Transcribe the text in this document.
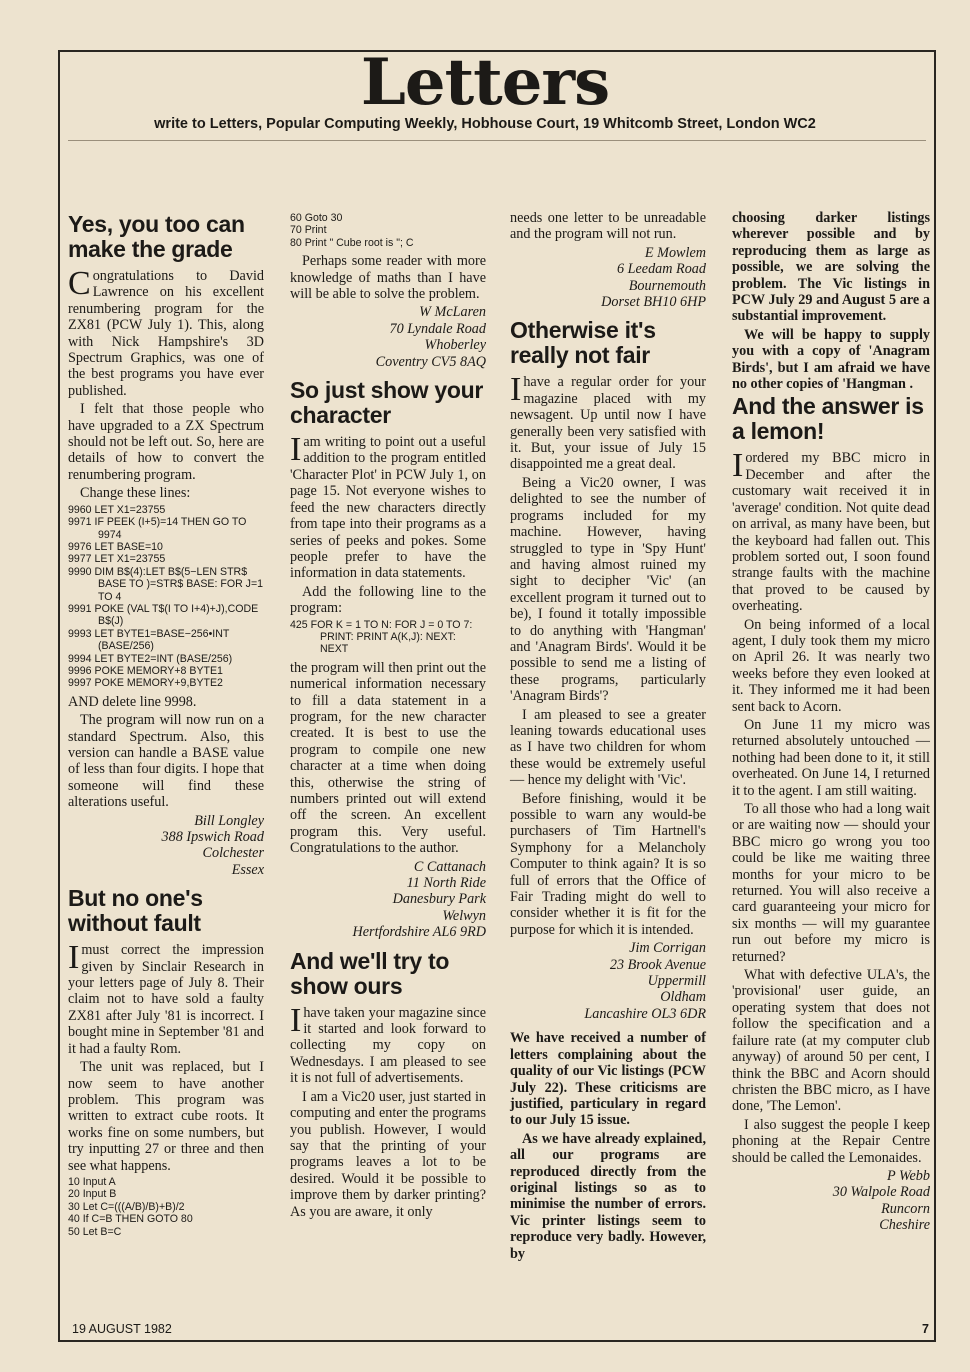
Letters
write to Letters, Popular Computing Weekly, Hobhouse Court, 19 Whitcomb Street, London WC2
Yes, you too can make the grade

Congratulations to David Lawrence on his excellent renumbering program for the ZX81 (PCW July 1). This, along with Nick Hampshire's 3D Spectrum Graphics, was one of the best programs you have ever published.

I felt that those people who have upgraded to a ZX Spectrum should not be left out. So, here are details of how to convert the renumbering program.

Change these lines:

9960 LET X1=23755
9971 IF PEEK (I+5)=14 THEN GO TO 9974
9976 LET BASE=10
9977 LET X1=23755
9990 DIM B$(4):LET B$(5−LEN STR$ BASE TO )=STR$ BASE: FOR J=1 TO 4
9991 POKE (VAL T$(I TO I+4)+J),CODE B$(J)
9993 LET BYTE1=BASE−256•INT (BASE/256)
9994 LET BYTE2=INT (BASE/256)
9996 POKE MEMORY+8 BYTE1
9997 POKE MEMORY+9,BYTE2

AND delete line 9998.

The program will now run on a standard Spectrum. Also, this version can handle a BASE value of less than four digits. I hope that someone will find these alterations useful.

Bill Longley
388 Ipswich Road
Colchester
Essex
But no one's without fault

Imust correct the impression given by Sinclair Research in your letters page of July 8. Their claim not to have sold a faulty ZX81 after July '81 is incorrect. I bought mine in September '81 and it had a faulty Rom.

The unit was replaced, but I now seem to have another problem. This program was written to extract cube roots. It works fine on some numbers, but try inputting 27 or three and then see what happens.

10 Input A
20 Input B
30 Let C=(((A/B)/B)+B)/2
40 If C=B THEN GOTO 80
50 Let B=C
60 Goto 30
70 Print
80 Print " Cube root is "; C

Perhaps some reader with more knowledge of maths than I have will be able to solve the problem.

W McLaren
70 Lyndale Road
Whoberley
Coventry CV5 8AQ
So just show your character

Iam writing to point out a useful addition to the program entitled 'Character Plot' in PCW July 1, on page 15. Not everyone wishes to feed the new characters directly from tape into their programs as a series of peeks and pokes. Some people prefer to have the information in data statements.

Add the following line to the program:

425 FOR K = 1 TO N: FOR J = 0 TO 7: PRINT: PRINT A(K,J): NEXT: NEXT

the program will then print out the numerical information necessary to fill a data statement in a program, for the new character created. It is best to use the program to compile one new character at a time when doing this, otherwise the string of numbers printed out will extend off the screen. An excellent program this. Very useful. Congratulations to the author.

C Cattanach
11 North Ride
Danesbury Park
Welwyn
Hertfordshire AL6 9RD
And we'll try to show ours

Ihave taken your magazine since it started and look forward to collecting my copy on Wednesdays. I am pleased to see it is not full of advertisements.

I am a Vic20 user, just started in computing and enter the programs you publish. However, I would say that the printing of your programs leaves a lot to be desired. Would it be possible to improve them by darker printing? As you are aware, it only

needs one letter to be unreadable and the program will not run.

E Mowlem
6 Leedam Road
Bournemouth
Dorset BH10 6HP
Otherwise it's really not fair

Ihave a regular order for your magazine placed with my newsagent. Up until now I have generally been very satisfied with it. But, your issue of July 15 disappointed me a great deal.

Being a Vic20 owner, I was delighted to see the number of programs included for my machine. However, having struggled to type in 'Spy Hunt' and having almost ruined my sight to decipher 'Vic' (an excellent program it turned out to be), I found it totally impossible to do anything with 'Hangman' and 'Anagram Birds'. Would it be possible to send me a listing of these programs, particularly 'Anagram Birds'?

I am pleased to see a greater leaning towards educational uses as I have two children for whom these would be extremely useful — hence my delight with 'Vic'.

Before finishing, would it be possible to warn any would-be purchasers of Tim Hartnell's Symphony for a Melancholy Computer to think again? It is so full of errors that the Office of Fair Trading might do well to consider whether it is fit for the purpose for which it is intended.

Jim Corrigan
23 Brook Avenue
Uppermill
Oldham
Lancashire OL3 6DR

We have received a number of letters complaining about the quality of our Vic listings (PCW July 22). These criticisms are justified, particulary in regard to our July 15 issue.

As we have already explained, all our programs are reproduced directly from the original listings so as to minimise the number of errors. Vic printer listings seem to reproduce very badly. However, by

choosing darker listings wherever possible and by reproducing them as large as possible, we are solving the problem. The Vic listings in PCW July 29 and August 5 are a substantial improvement.

We will be happy to supply you with a copy of 'Anagram Birds', but I am afraid we have no other copies of 'Hangman .

And the answer is a lemon!

Iordered my BBC micro in December and after the customary wait received it in 'average' condition. Not quite dead on arrival, as many have been, but the keyboard had fallen out. This problem sorted out, I soon found strange faults with the machine that proved to be caused by overheating.

On being informed of a local agent, I duly took them my micro on April 26. It was nearly two weeks before they even looked at it. They informed me it had been sent back to Acorn.

On June 11 my micro was returned absolutely untouched — nothing had been done to it, it still overheated. On June 14, I returned it to the agent. I am still waiting.

To all those who had a long wait or are waiting now — should your BBC micro go wrong you too could be like me waiting three months for your micro to be returned. You will also receive a card guaranteeing your micro for six months — will my guarantee run out before my micro is returned?

What with defective ULA's, the 'provisional' user guide, an operating system that does not follow the specification and a failure rate (at my computer club anyway) of around 50 per cent, I think the BBC and Acorn should christen the BBC micro, as I have done, 'The Lemon'.

I also suggest the people I keep phoning at the Repair Centre should be called the Lemonaides.

P Webb
30 Walpole Road
Runcorn
Cheshire
19 AUGUST 1982	7
